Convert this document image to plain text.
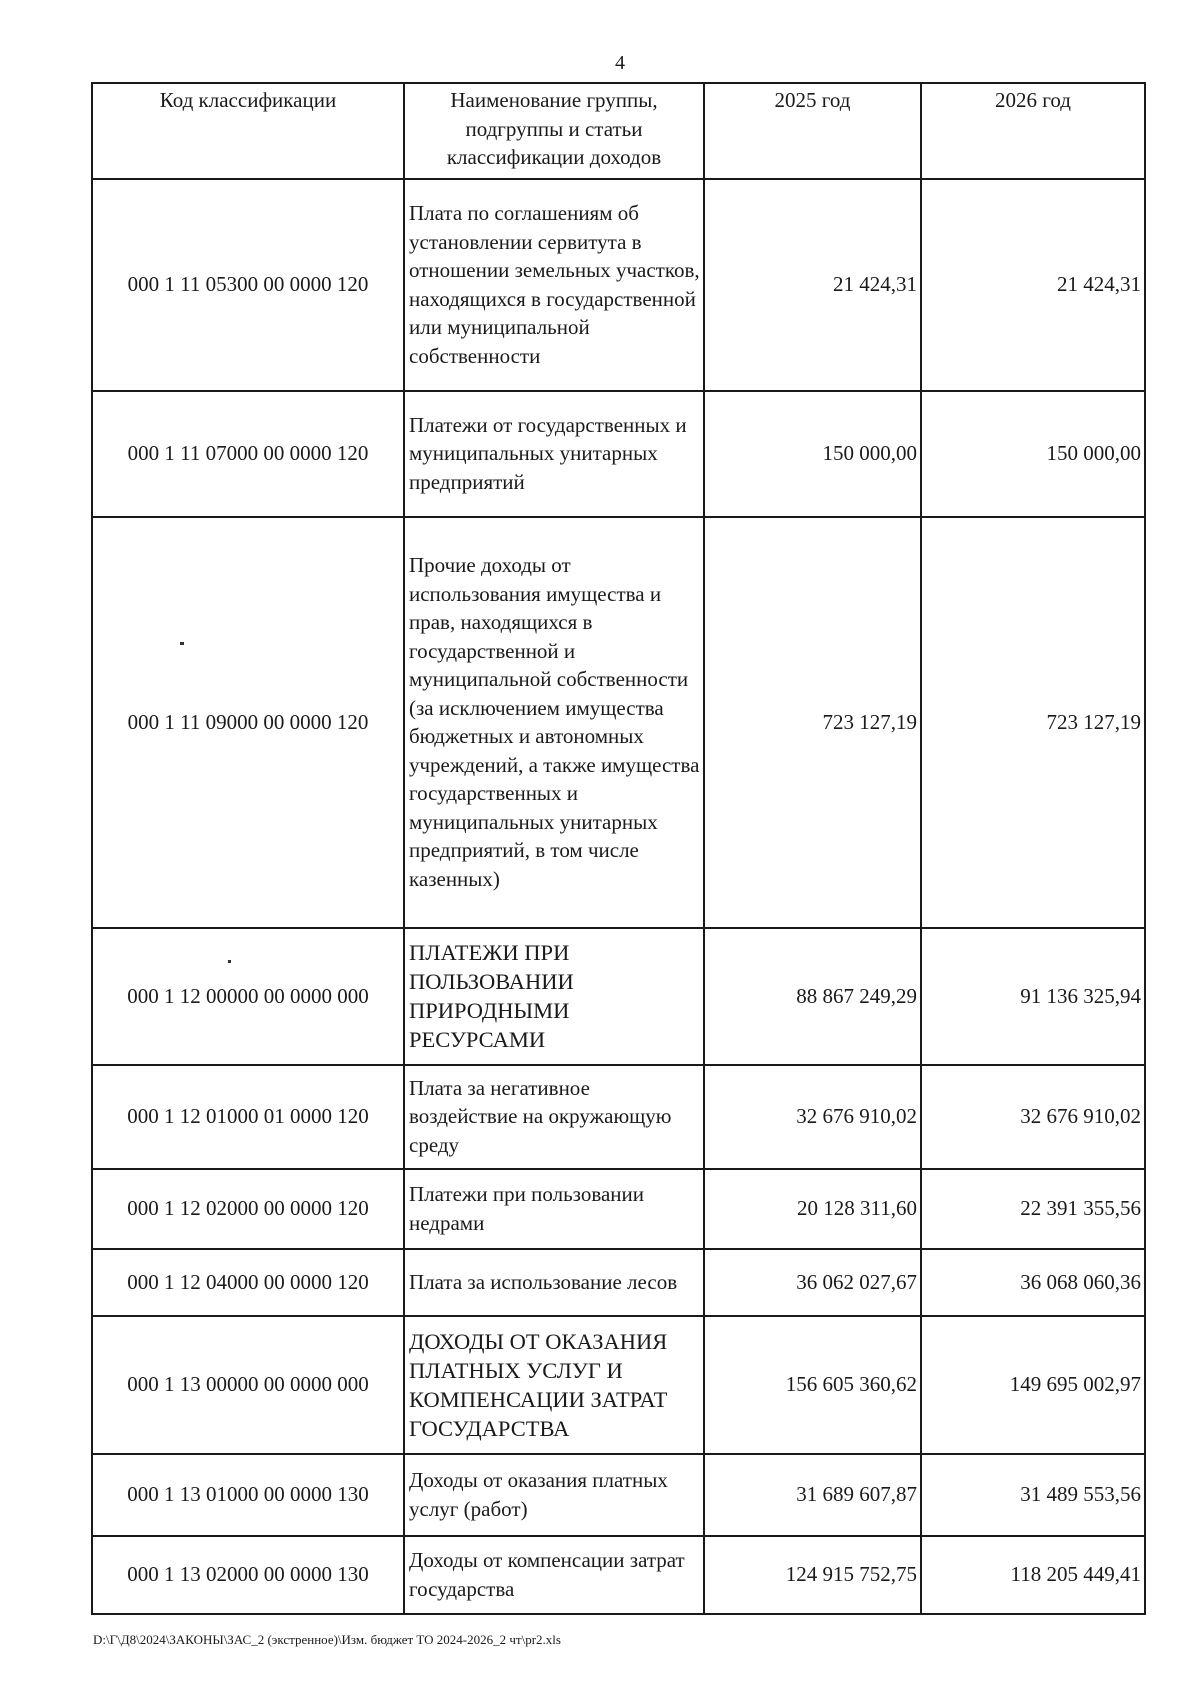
4
Код классификации	Наименование группы, подгруппы и статьи классификации доходов	2025 год	2026 год
000 1 11 05300 00 0000 120	Плата по соглашениям об установлении сервитута в отношении земельных участков, находящихся в государственной или муниципальной собственности	21 424,31	21 424,31
000 1 11 07000 00 0000 120	Платежи от государственных и муниципальных унитарных предприятий	150 000,00	150 000,00
000 1 11 09000 00 0000 120	Прочие доходы от использования имущества и прав, находящихся в государственной и муниципальной собственности (за исключением имущества бюджетных и автономных учреждений, а также имущества государственных и муниципальных унитарных предприятий, в том числе казенных)	723 127,19	723 127,19
000 1 12 00000 00 0000 000	ПЛАТЕЖИ ПРИ ПОЛЬЗОВАНИИ ПРИРОДНЫМИ РЕСУРСАМИ	88 867 249,29	91 136 325,94
000 1 12 01000 01 0000 120	Плата за негативное воздействие на окружающую среду	32 676 910,02	32 676 910,02
000 1 12 02000 00 0000 120	Платежи при пользовании недрами	20 128 311,60	22 391 355,56
000 1 12 04000 00 0000 120	Плата за использование лесов	36 062 027,67	36 068 060,36
000 1 13 00000 00 0000 000	ДОХОДЫ ОТ ОКАЗАНИЯ ПЛАТНЫХ УСЛУГ И КОМПЕНСАЦИИ ЗАТРАТ ГОСУДАРСТВА	156 605 360,62	149 695 002,97
000 1 13 01000 00 0000 130	Доходы от оказания платных услуг (работ)	31 689 607,87	31 489 553,56
000 1 13 02000 00 0000 130	Доходы от компенсации затрат государства	124 915 752,75	118 205 449,41
D:\Г\Д8\2024\ЗАКОНЫ\ЗАС_2 (экстренное)\Изм. бюджет ТО 2024-2026_2 чт\pr2.xls
